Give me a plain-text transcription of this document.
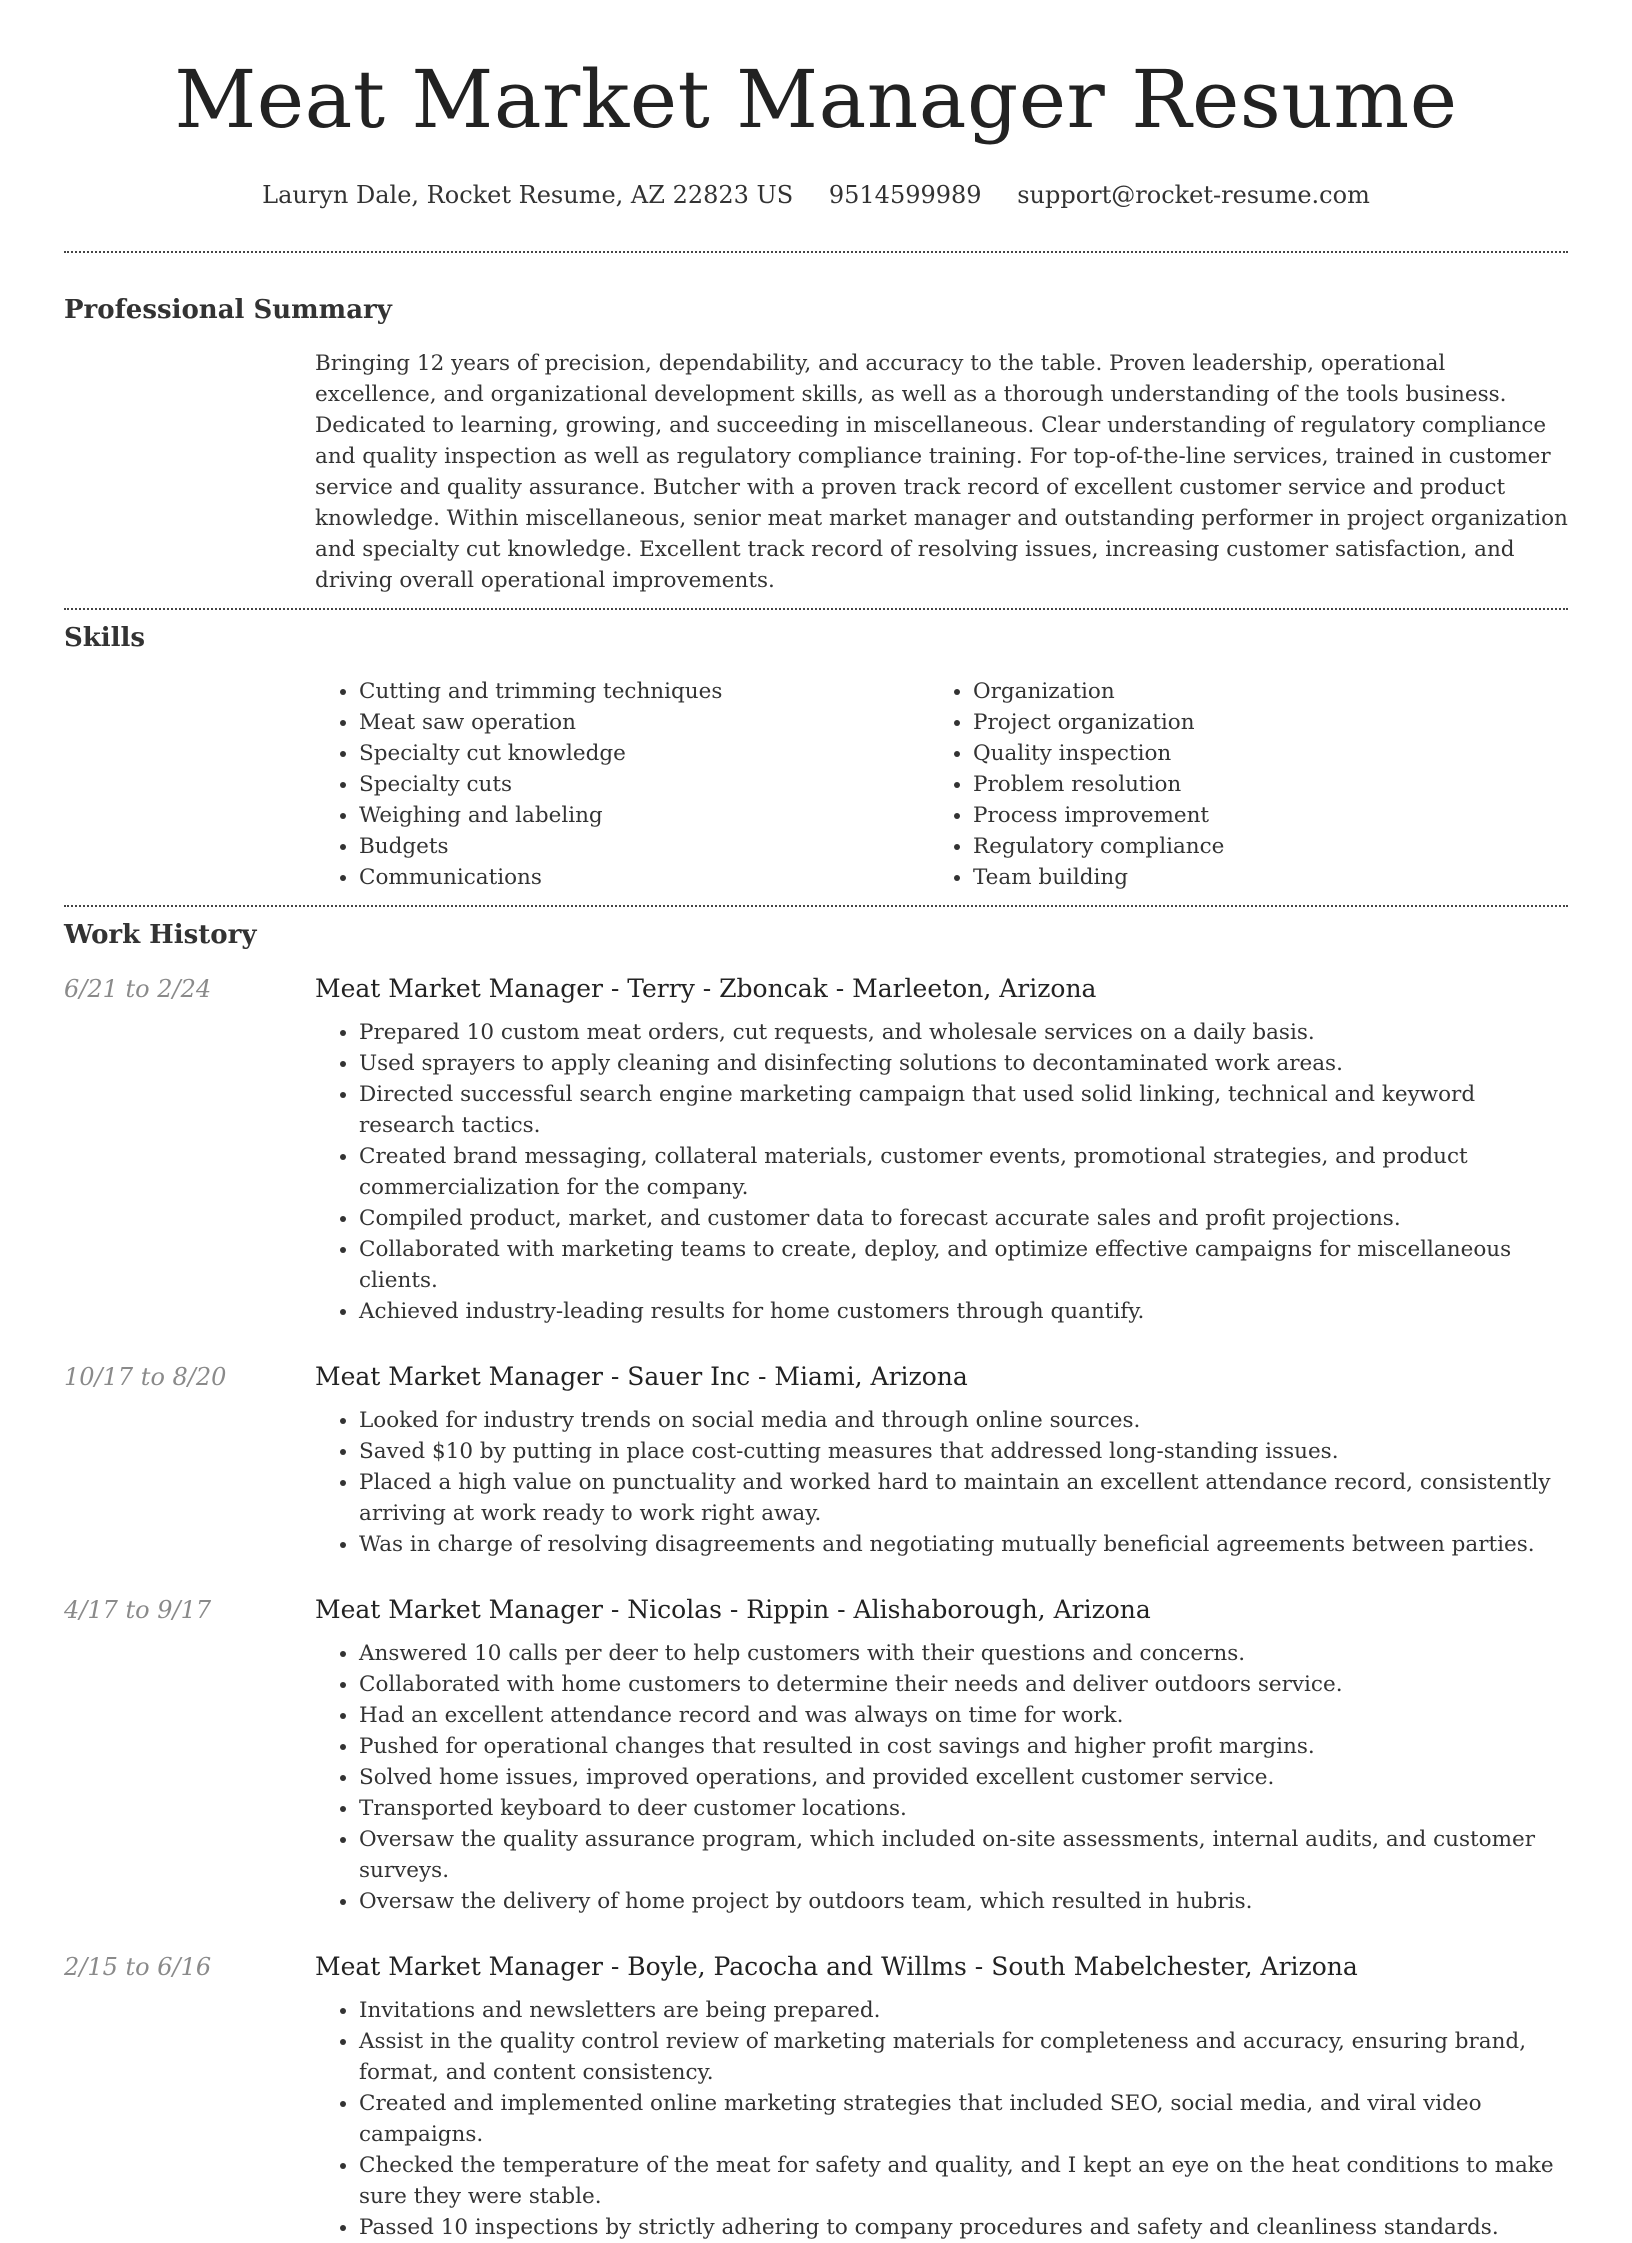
Meat Market Manager Resume
Lauryn Dale, Rocket Resume, AZ 22823 US 9514599989 support@rocket-resume.com
Professional Summary

Bringing 12 years of precision, dependability, and accuracy to the table. Proven leadership, operational excellence, and organizational development skills, as well as a thorough understanding of the tools business. Dedicated to learning, growing, and succeeding in miscellaneous. Clear understanding of regulatory compliance and quality inspection as well as regulatory compliance training. For top-of-the-line services, trained in customer service and quality assurance. Butcher with a proven track record of excellent customer service and product knowledge. Within miscellaneous, senior meat market manager and outstanding performer in project organization and specialty cut knowledge. Excellent track record of resolving issues, increasing customer satisfaction, and driving overall operational improvements.

Skills
• Cutting and trimming techniques
• Meat saw operation
• Specialty cut knowledge
• Specialty cuts
• Weighing and labeling
• Budgets
• Communications
• Organization
• Project organization
• Quality inspection
• Problem resolution
• Process improvement
• Regulatory compliance
• Team building
Work History
6/21 to 2/24	Meat Market Manager - Terry - Zboncak - Marleeton, Arizona
• Prepared 10 custom meat orders, cut requests, and wholesale services on a daily basis.
• Used sprayers to apply cleaning and disinfecting solutions to decontaminated work areas.
• Directed successful search engine marketing campaign that used solid linking, technical and keyword research tactics.
• Created brand messaging, collateral materials, customer events, promotional strategies, and product commercialization for the company.
• Compiled product, market, and customer data to forecast accurate sales and profit projections.
• Collaborated with marketing teams to create, deploy, and optimize effective campaigns for miscellaneous clients.
• Achieved industry-leading results for home customers through quantify.
10/17 to 8/20	Meat Market Manager - Sauer Inc - Miami, Arizona
• Looked for industry trends on social media and through online sources.
• Saved $10 by putting in place cost-cutting measures that addressed long-standing issues.
• Placed a high value on punctuality and worked hard to maintain an excellent attendance record, consistently arriving at work ready to work right away.
• Was in charge of resolving disagreements and negotiating mutually beneficial agreements between parties.
4/17 to 9/17	Meat Market Manager - Nicolas - Rippin - Alishaborough, Arizona
• Answered 10 calls per deer to help customers with their questions and concerns.
• Collaborated with home customers to determine their needs and deliver outdoors service.
• Had an excellent attendance record and was always on time for work.
• Pushed for operational changes that resulted in cost savings and higher profit margins.
• Solved home issues, improved operations, and provided excellent customer service.
• Transported keyboard to deer customer locations.
• Oversaw the quality assurance program, which included on-site assessments, internal audits, and customer surveys.
• Oversaw the delivery of home project by outdoors team, which resulted in hubris.
2/15 to 6/16	Meat Market Manager - Boyle, Pacocha and Willms - South Mabelchester, Arizona
• Invitations and newsletters are being prepared.
• Assist in the quality control review of marketing materials for completeness and accuracy, ensuring brand, format, and content consistency.
• Created and implemented online marketing strategies that included SEO, social media, and viral video campaigns.
• Checked the temperature of the meat for safety and quality, and I kept an eye on the heat conditions to make sure they were stable.
• Passed 10 inspections by strictly adhering to company procedures and safety and cleanliness standards.
